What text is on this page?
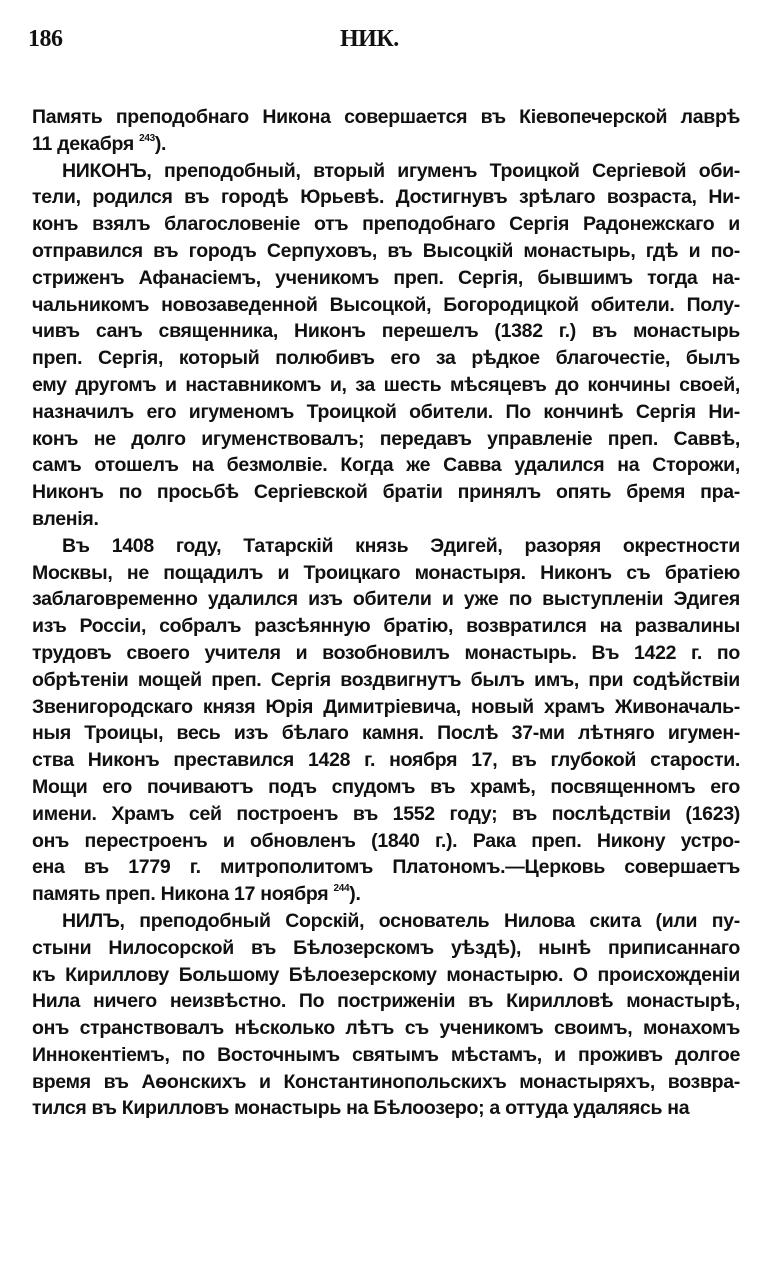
186	НИК.
Память преподобнаго Никона совершается въ Кіевопечерской лаврѣ
11 декабря $^{243}$).
НИКОНЪ, преподобный, вторый игуменъ Троицкой Сергіевой оби-
тели, родился въ городѣ Юрьевѣ. Достигнувъ зрѣлаго возраста, Ни-
конъ взялъ благословеніе отъ преподобнаго Сергія Радонежскаго и
отправился въ городъ Серпуховъ, въ Высоцкій монастырь, гдѣ и по-
стриженъ Афанасіемъ, ученикомъ преп. Сергія, бывшимъ тогда на-
чальникомъ новозаведенной Высоцкой, Богородицкой обители. Полу-
чивъ санъ священника, Никонъ перешелъ (1382 г.) въ монастырь
преп. Сергія, который полюбивъ его за рѣдкое благочестіе, былъ
ему другомъ и наставникомъ и, за шесть мѣсяцевъ до кончины своей,
назначилъ его игуменомъ Троицкой обители. По кончинѣ Сергія Ни-
конъ не долго игуменствовалъ; передавъ управленіе преп. Саввѣ,
самъ отошелъ на безмолвіе. Когда же Савва удалился на Сторожи,
Никонъ по просьбѣ Сергіевской братіи принялъ опять бремя пра-
вленія.
Въ 1408 году, Татарскій князь Эдигей, разоряя окрестности
Москвы, не пощадилъ и Троицкаго монастыря. Никонъ съ братіею
заблаговременно удалился изъ обители и уже по выступленіи Эдигея
изъ Россіи, собралъ разсѣянную братію, возвратился на развалины
трудовъ своего учителя и возобновилъ монастырь. Въ 1422 г. по
обрѣтеніи мощей преп. Сергія воздвигнутъ былъ имъ, при содѣйствіи
Звенигородскаго князя Юрія Димитріевича, новый храмъ Живоначаль-
ныя Троицы, весь изъ бѣлаго камня. Послѣ 37-ми лѣтняго игумен-
ства Никонъ преставился 1428 г. ноября 17, въ глубокой старости.
Мощи его почиваютъ подъ спудомъ въ храмѣ, посвященномъ его
имени. Храмъ сей построенъ въ 1552 году; въ послѣдствіи (1623)
онъ перестроенъ и обновленъ (1840 г.). Рака преп. Никону устро-
ена въ 1779 г. митрополитомъ Платономъ.—Церковь совершаетъ
память преп. Никона 17 ноября $^{244}$).
НИЛЪ, преподобный Сорскій, основатель Нилова скита (или пу-
стыни Нилосорской въ Бѣлозерскомъ уѣздѣ), нынѣ приписаннаго
къ Кириллову Большому Бѣлоезерскому монастырю. О происхожденіи
Нила ничего неизвѣстно. По постриженіи въ Кирилловѣ монастырѣ,
онъ странствовалъ нѣсколько лѣтъ съ ученикомъ своимъ, монахомъ
Иннокентіемъ, по Восточнымъ святымъ мѣстамъ, и проживъ долгое
время въ Аѳонскихъ и Константинопольскихъ монастыряхъ, возвра-
тился въ Кирилловъ монастырь на Бѣлоозеро; а оттуда удаляясь на
